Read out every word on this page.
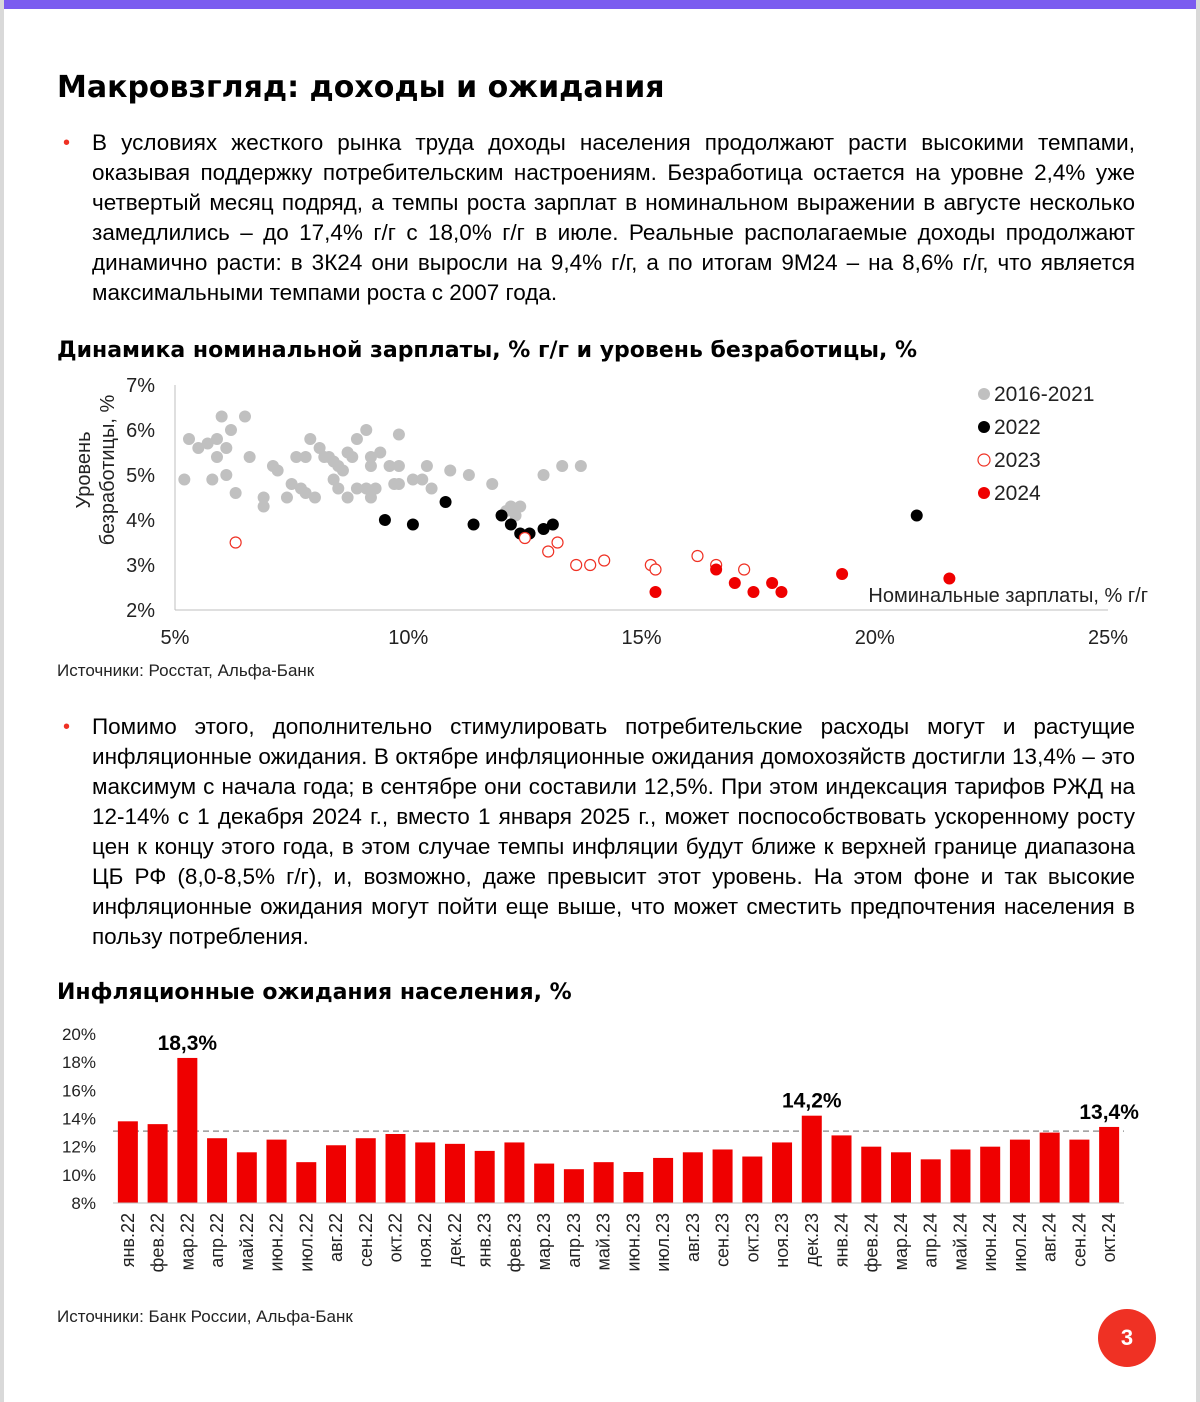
Макровзгляд: доходы и ожидания
• В условиях жесткого рынка труда доходы населения продолжают расти высокими темпами, оказывая поддержку потребительским настроениям. Безработица остается на уровне 2,4% уже четвертый месяц подряд, а темпы роста зарплат в номинальном выражении в августе несколько замедлились – до 17,4% г/г с 18,0% г/г в июле. Реальные располагаемые доходы продолжают динамично расти: в 3К24 они выросли на 9,4% г/г, а по итогам 9М24 – на 8,6% г/г, что является максимальными темпами роста с 2007 года.

Динамика номинальной зарплаты, % г/г и уровень безработицы, %
2%
3%
4%
5%
6%
7%
5%	10%	15%	20%	25%
2016-2021
2022
2023
2024
Номинальные зарплаты, % г/г
Уровень безработицы, %
Источники: Росстат, Альфа-Банк
• Помимо этого, дополнительно стимулировать потребительские расходы могут и растущие инфляционные ожидания. В октябре инфляционные ожидания домохозяйств достигли 13,4% – это максимум с начала года; в сентябре они составили 12,5%. При этом индексация тарифов РЖД на 12-14% с 1 декабря 2024 г., вместо 1 января 2025 г., может поспособствовать ускоренному росту цен к концу этого года, в этом случае темпы инфляции будут ближе к верхней границе диапазона ЦБ РФ (8,0-8,5% г/г), и, возможно, даже превысит этот уровень. На этом фоне и так высокие инфляционные ожидания могут пойти еще выше, что может сместить предпочтения населения в пользу потребления.

Инфляционные ожидания населения, %
20%
18%
16%
14%
12%
10%
8%
18,3%
14,2%	13,4%
янв.22 фев.22 мар.22 апр.22 май.22 июн.22 июл.22 авг.22 сен.22 окт.22 ноя.22 дек.22 янв.23 фев.23 мар.23 апр.23 май.23 июн.23 июл.23 авг.23 сен.23 окт.23 ноя.23 дек.23 янв.24 фев.24 мар.24 апр.24 май.24 июн.24 июл.24 авг.24 сен.24 окт.24
Источники: Банк России, Альфа-Банк
3
